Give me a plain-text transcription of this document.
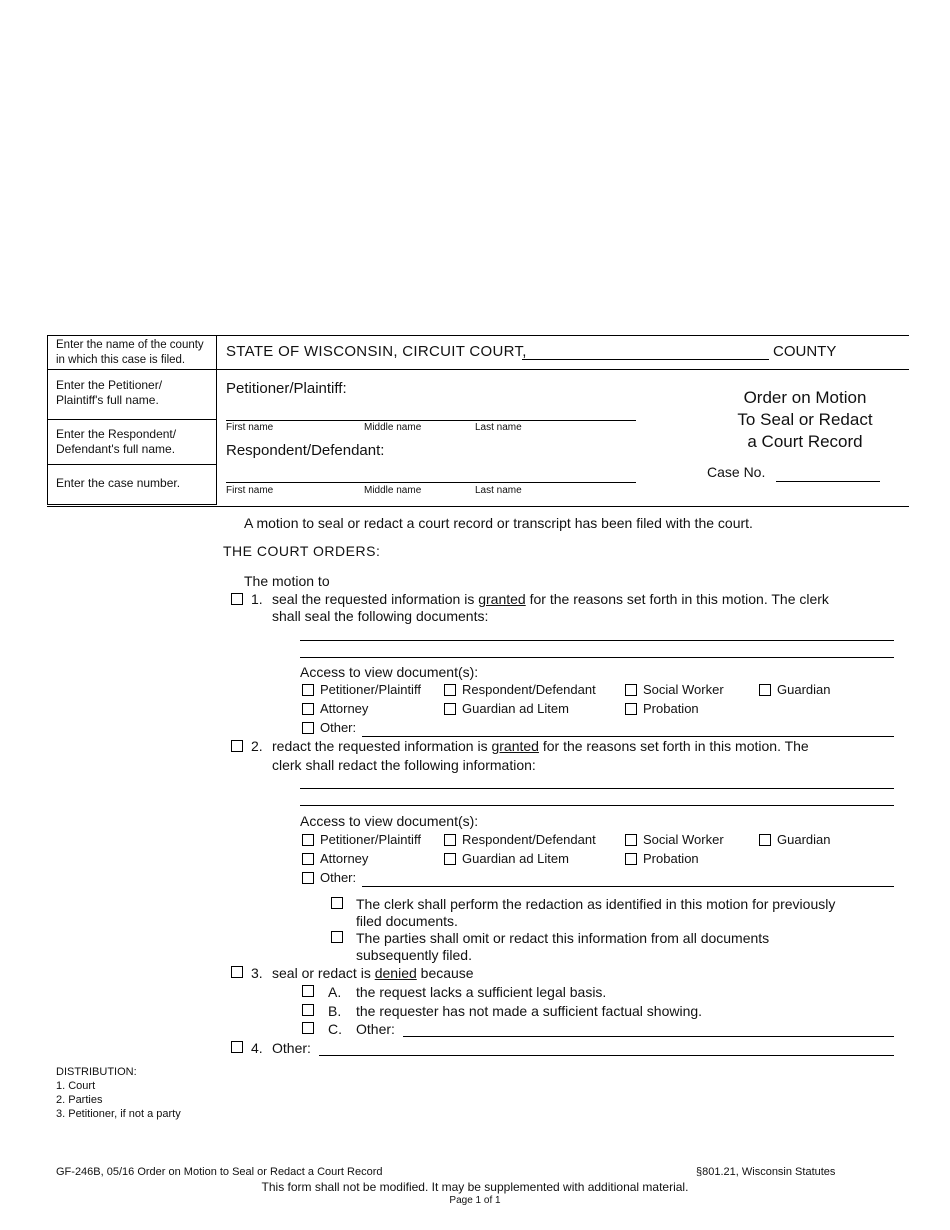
Enter the name of the county in which this case is filed.
Enter the Petitioner/ Plaintiff's full name.
Enter the Respondent/ Defendant's full name.
Enter the case number.
STATE OF WISCONSIN, CIRCUIT COURT,	COUNTY
Petitioner/Plaintiff:
First name	Middle name	Last name
Respondent/Defendant:
First name	Middle name	Last name
Order on Motion
To Seal or Redact
a Court Record
Case No.
A motion to seal or redact a court record or transcript has been filed with the court.
THE COURT ORDERS:
The motion to
1. seal the requested information is granted for the reasons set forth in this motion. The clerk
shall seal the following documents:
Access to view document(s):
Petitioner/Plaintiff	Respondent/Defendant	Social Worker	Guardian
Attorney	Guardian ad Litem	Probation
Other:
2. redact the requested information is granted for the reasons set forth in this motion. The
clerk shall redact the following information:
Access to view document(s):
Petitioner/Plaintiff	Respondent/Defendant	Social Worker	Guardian
Attorney	Guardian ad Litem	Probation
Other:
The clerk shall perform the redaction as identified in this motion for previously
filed documents.
The parties shall omit or redact this information from all documents
subsequently filed.
3. seal or redact is denied because
A. the request lacks a sufficient legal basis.
B. the requester has not made a sufficient factual showing.
C. Other:
4. Other:
DISTRIBUTION:
1. Court
2. Parties
3. Petitioner, if not a party
GF-246B, 05/16 Order on Motion to Seal or Redact a Court Record	§801.21, Wisconsin Statutes
This form shall not be modified. It may be supplemented with additional material.
Page 1 of 1
